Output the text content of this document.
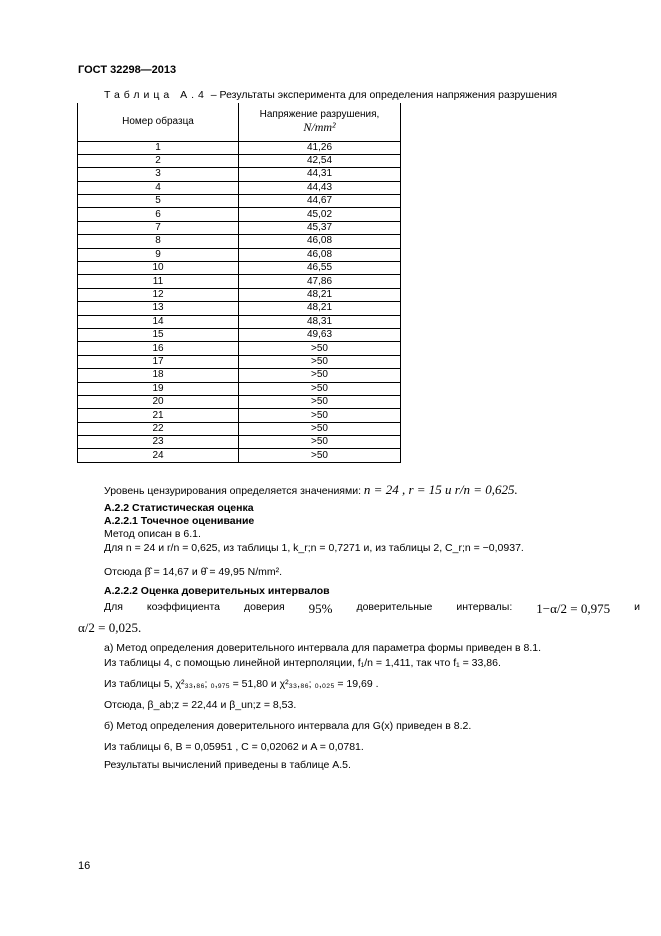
ГОСТ 32298—2013
Таблица А.4 – Результаты эксперимента для определения напряжения разрушения
Номер образца	Напряжение разрушения,
N/mm²

1	41,26
2	42,54
3	44,31
4	44,43
5	44,67
6	45,02
7	45,37
8	46,08
9	46,08
10	46,55
11	47,86
12	48,21
13	48,21
14	48,31
15	49,63
16	>50
17	>50
18	>50
19	>50
20	>50
21	>50
22	>50
23	>50
24	>50
Уровень цензурирования определяется значениями: n = 24 , r = 15 и r/n = 0,625.
А.2.2 Статистическая оценка
А.2.2.1 Точечное оценивание
Метод описан в 6.1.
Для n = 24 и r/n = 0,625, из таблицы 1, k_r;n = 0,7271 и, из таблицы 2, C_r;n = −0,0937.
Отсюда β̂ = 14,67 и θ̂ = 49,95 N/mm².
А.2.2.2 Оценка доверительных интервалов
Для коэффициента доверия 95% доверительные интервалы: 1−α/2 = 0,975 и
α/2 = 0,025.
а) Метод определения доверительного интервала для параметра формы приведен в 8.1.
Из таблицы 4, с помощью линейной интерполяции, f₁/n = 1,411, так что f₁ = 33,86.
Из таблицы 5, χ²₃₃,₈₆; ₀,₉₇₅ = 51,80 и χ²₃₃,₈₆; ₀,₀₂₅ = 19,69 .
Отсюда, β_ab;z = 22,44 и β_un;z = 8,53.
б) Метод определения доверительного интервала для G(x) приведен в 8.2.
Из таблицы 6, B = 0,05951 , C = 0,02062 и A = 0,0781.
Результаты вычислений приведены в таблице А.5.
16
